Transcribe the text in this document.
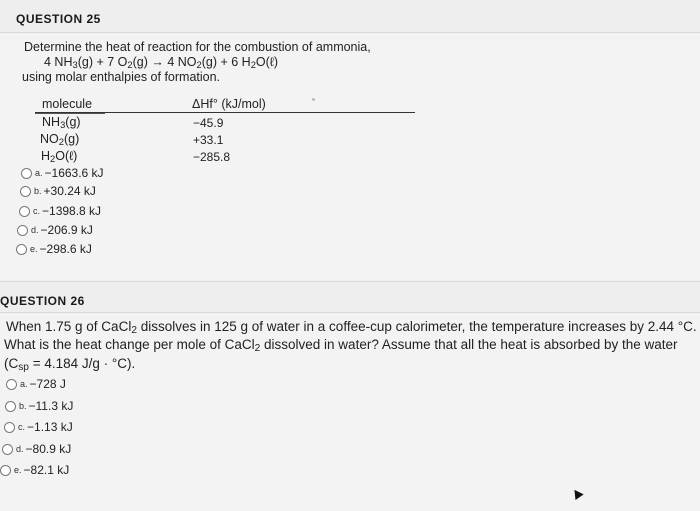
QUESTION 25
Determine the heat of reaction for the combustion of ammonia,
4 $NH_3(g) + 7$ $O_2(g) \to 4$ $NO_2(g) + 6$ $H_2O(\ell)$
using molar enthalpies of formation.
molecule	ΔHf° (kJ/mol)
$NH_3(g)$	−45.9
$NO_2(g)$	+33.1
$H_2O(\ell)$	−285.8
a. −1663.6 kJ
b. +30.24 kJ
c. −1398.8 kJ
d. −206.9 kJ
e. −298.6 kJ
QUESTION 26
When 1.75 g of CaCl$_2$ dissolves in 125 g of water in a coffee-cup calorimeter, the temperature increases by 2.44 °C.
What is the heat change per mole of CaCl$_2$ dissolved in water? Assume that all the heat is absorbed by the water
($C_{sp} = 4.184$ J/g · °C).
a. −728 J
b. −11.3 kJ
c. −1.13 kJ
d. −80.9 kJ
e. −82.1 kJ
